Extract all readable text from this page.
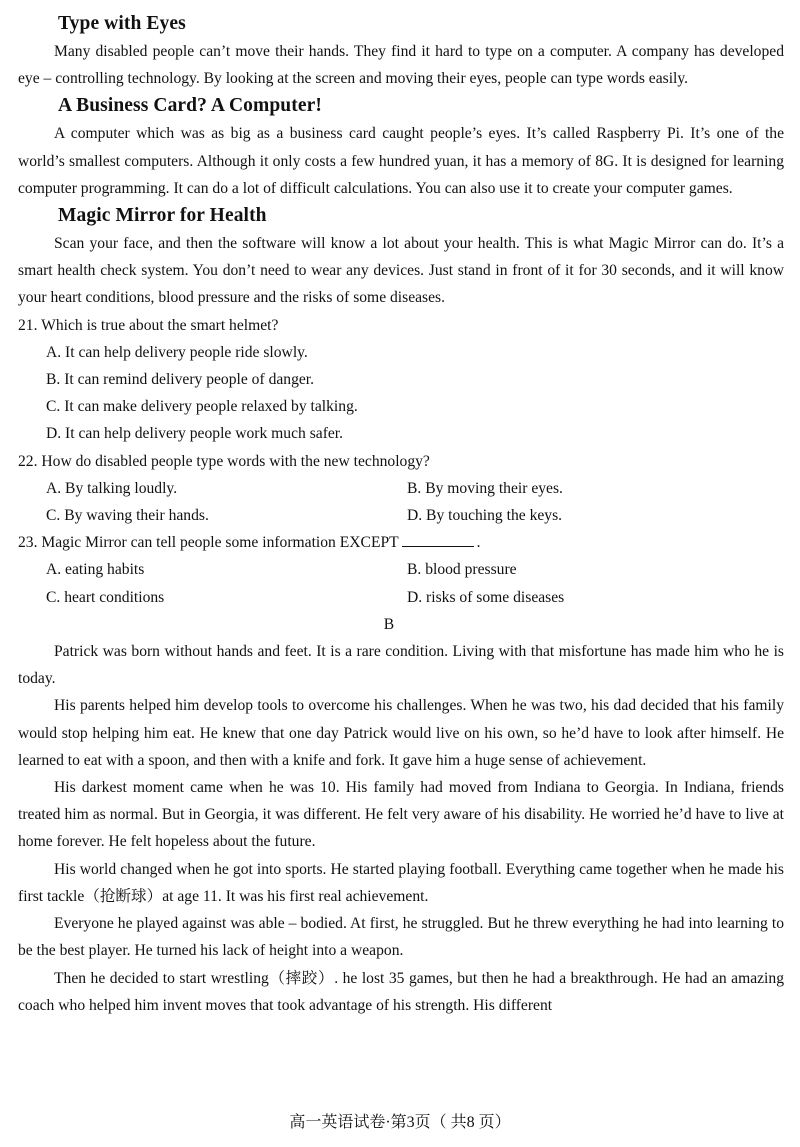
Type with Eyes

Many disabled people can’t move their hands. They find it hard to type on a computer. A company has developed eye – controlling technology. By looking at the screen and moving their eyes, people can type words easily.

A Business Card? A Computer!

A computer which was as big as a business card caught people’s eyes. It’s called Raspberry Pi. It’s one of the world’s smallest computers. Although it only costs a few hundred yuan, it has a memory of 8G. It is designed for learning computer programming. It can do a lot of difficult calculations. You can also use it to create your computer games.

Magic Mirror for Health

Scan your face, and then the software will know a lot about your health. This is what Magic Mirror can do. It’s a smart health check system. You don’t need to wear any devices. Just stand in front of it for 30 seconds, and it will know your heart conditions, blood pressure and the risks of some diseases.

21. Which is true about the smart helmet?

A. It can help delivery people ride slowly.
B. It can remind delivery people of danger.
C. It can make delivery people relaxed by talking.
D. It can help delivery people work much safer.

22. How do disabled people type words with the new technology?

A. By talking loudly.	B. By moving their eyes.
C. By waving their hands.	D. By touching the keys.

23. Magic Mirror can tell people some information EXCEPT	.

A. eating habits	B. blood pressure
C. heart conditions	D. risks of some diseases

B

Patrick was born without hands and feet. It is a rare condition. Living with that misfortune has made him who he is today.

His parents helped him develop tools to overcome his challenges. When he was two, his dad decided that his family would stop helping him eat. He knew that one day Patrick would live on his own, so he’d have to look after himself. He learned to eat with a spoon, and then with a knife and fork. It gave him a huge sense of achievement.

His darkest moment came when he was 10. His family had moved from Indiana to Georgia. In Indiana, friends treated him as normal. But in Georgia, it was different. He felt very aware of his disability. He worried he’d have to live at home forever. He felt hopeless about the future.

His world changed when he got into sports. He started playing football. Everything came together when he made his first tackle（抢断球）at age 11. It was his first real achievement.

Everyone he played against was able – bodied. At first, he struggled. But he threw everything he had into learning to be the best player. He turned his lack of height into a weapon.

Then he decided to start wrestling（摔跤）. he lost 35 games, but then he had a breakthrough. He had an amazing coach who helped him invent moves that took advantage of his strength. His different

高一英语试卷·第3页（ 共8 页）
